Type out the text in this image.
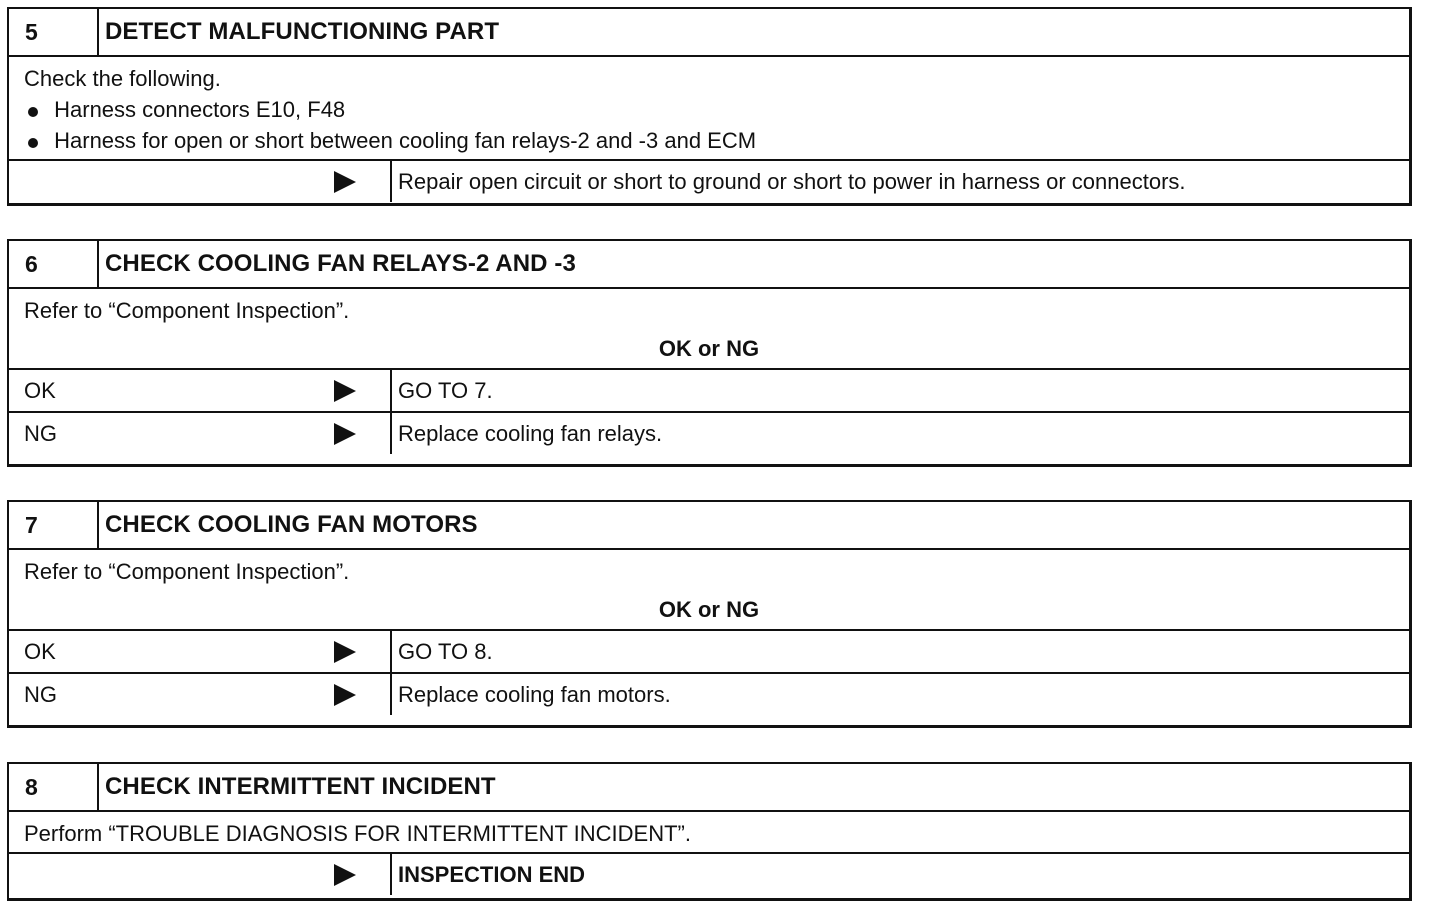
5	DETECT MALFUNCTIONING PART
Check the following.
Harness connectors E10, F48
Harness for open or short between cooling fan relays-2 and -3 and ECM
Repair open circuit or short to ground or short to power in harness or connectors.
6	CHECK COOLING FAN RELAYS-2 AND -3
Refer to “Component Inspection”.
OK or NG
OK	GO TO 7.
NG	Replace cooling fan relays.
7	CHECK COOLING FAN MOTORS
Refer to “Component Inspection”.
OK or NG
OK	GO TO 8.
NG	Replace cooling fan motors.
8	CHECK INTERMITTENT INCIDENT
Perform “TROUBLE DIAGNOSIS FOR INTERMITTENT INCIDENT”.
INSPECTION END
